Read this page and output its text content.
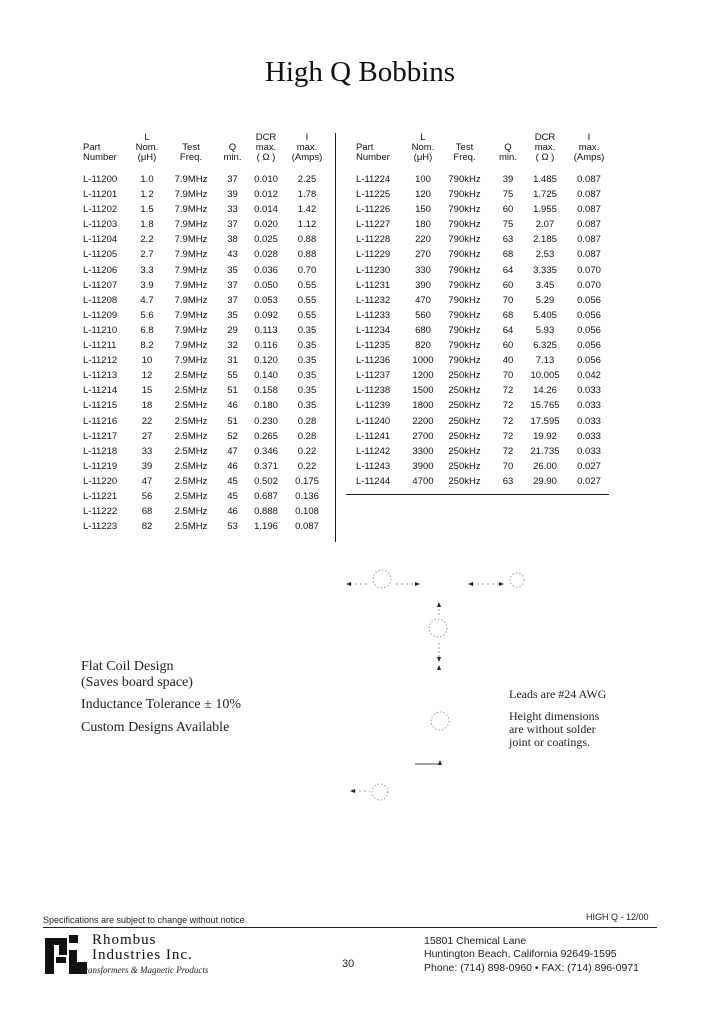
High Q Bobbins

Part
Number	L
Nom.
(μH)	Test
Freq.	Q
min.	DCR
max.
( Ω )	I
max.
(Amps)
L-11200	1.0	7.9MHz	37	0.010	2.25
L-11201	1.2	7.9MHz	39	0.012	1.78
L-11202	1.5	7.9MHz	33	0.014	1.42
L-11203	1.8	7.9MHz	37	0.020	1.12
L-11204	2.2	7.9MHz	38	0.025	0.88
L-11205	2.7	7.9MHz	43	0.028	0.88
L-11206	3.3	7.9MHz	35	0.036	0.70
L-11207	3.9	7.9MHz	37	0.050	0.55
L-11208	4.7	7.9MHz	37	0.053	0.55
L-11209	5.6	7.9MHz	35	0.092	0.55
L-11210	6.8	7.9MHz	29	0.113	0.35
L-11211	8.2	7.9MHz	32	0.116	0.35
L-11212	10	7.9MHz	31	0.120	0.35
L-11213	12	2.5MHz	55	0.140	0.35
L-11214	15	2.5MHz	51	0.158	0.35
L-11215	18	2.5MHz	46	0.180	0.35
L-11216	22	2.5MHz	51	0.230	0.28
L-11217	27	2.5MHz	52	0.265	0.28
L-11218	33	2.5MHz	47	0.346	0.22
L-11219	39	2.5MHz	46	0.371	0.22
L-11220	47	2.5MHz	45	0.502	0.175
L-11221	56	2.5MHz	45	0.687	0.136
L-11222	68	2.5MHz	46	0.888	0.108
L-11223	82	2.5MHz	53	1.196	0.087

Part
Number	L
Nom.
(μH)	Test
Freq.	Q
min.	DCR
max.
( Ω )	I
max.
(Amps)
L-11224	100	790kHz	39	1.485	0.087
L-11225	120	790kHz	75	1.725	0.087
L-11226	150	790kHz	60	1.955	0.087
L-11227	180	790kHz	75	2.07	0.087
L-11228	220	790kHz	63	2.185	0.087
L-11229	270	790kHz	68	2.53	0.087
L-11230	330	790kHz	64	3.335	0.070
L-11231	390	790kHz	60	3.45	0.070
L-11232	470	790kHz	70	5.29	0.056
L-11233	560	790kHz	68	5.405	0.056
L-11234	680	790kHz	64	5.93	0.056
L-11235	820	790kHz	60	6.325	0.056
L-11236	1000	790kHz	40	7.13	0.056
L-11237	1200	250kHz	70	10.005	0.042
L-11238	1500	250kHz	72	14.26	0.033
L-11239	1800	250kHz	72	15.765	0.033
L-11240	2200	250kHz	72	17.595	0.033
L-11241	2700	250kHz	72	19.92	0.033
L-11242	3300	250kHz	72	21.735	0.033
L-11243	3900	250kHz	70	26.00	0.027
L-11244	4700	250kHz	63	29.90	0.027
Flat Coil Design
(Saves board space)
Inductance Tolerance ± 10%
Custom Designs Available
Leads are #24 AWG
Height dimensions
are without solder
joint or coatings.
Specifications are subject to change without notice	HIGH Q - 12/00
Rhombus
Industries Inc.
Transformers & Magnetic Products	30
15801 Chemical Lane
Huntington Beach, California 92649-1595
Phone: (714) 898-0960 • FAX: (714) 896-0971
